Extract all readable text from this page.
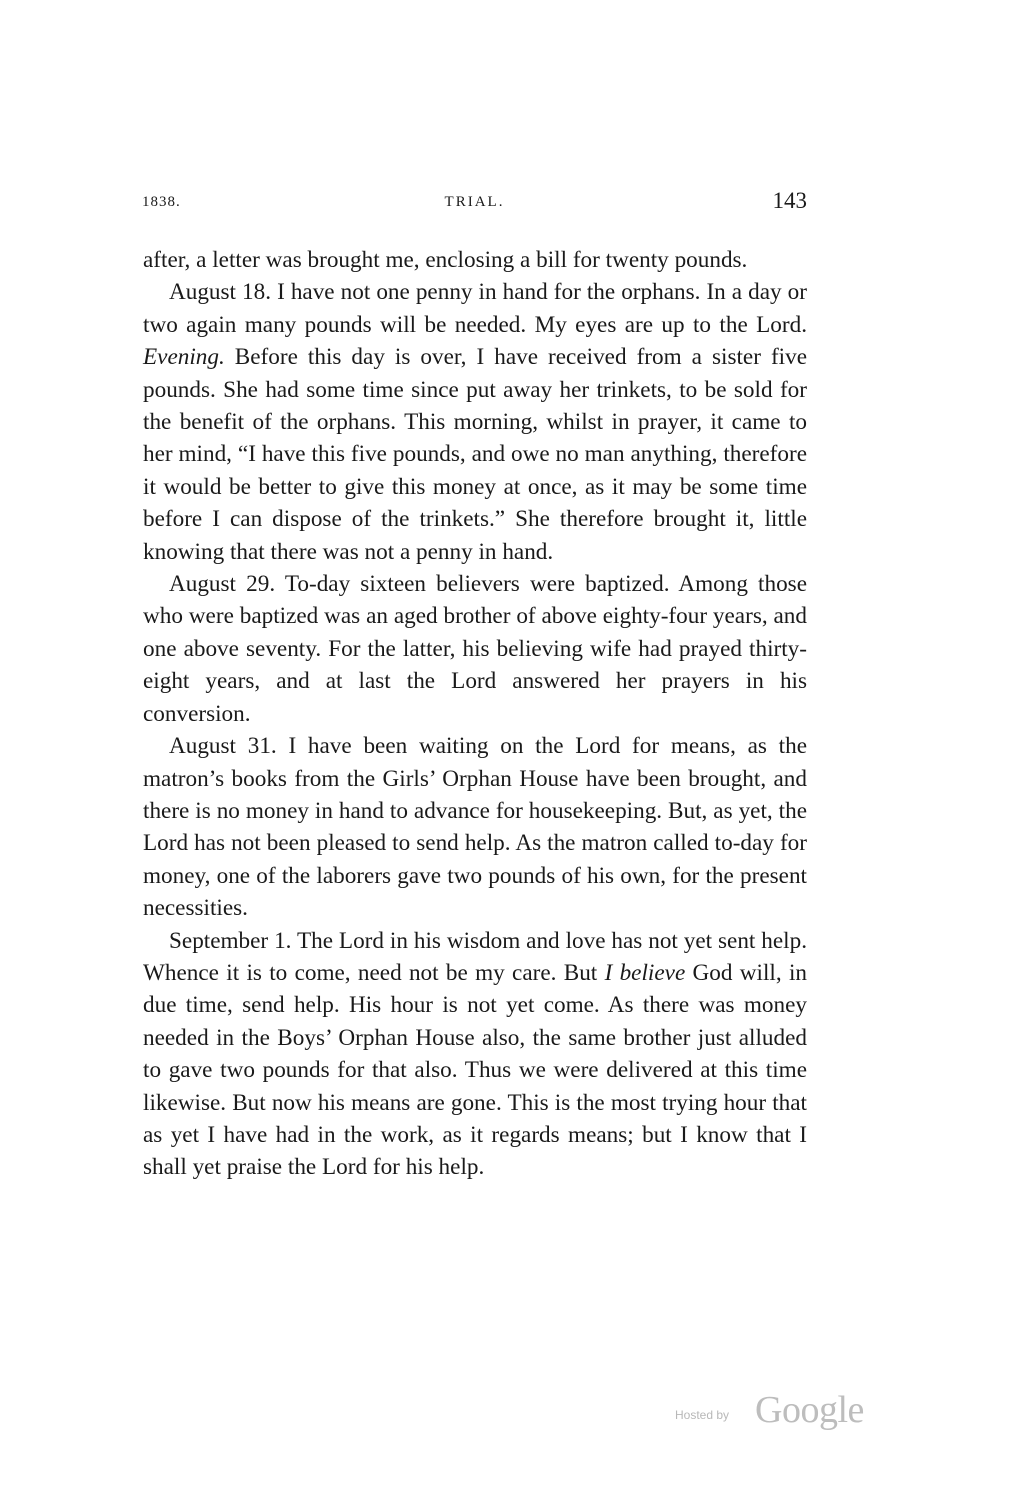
1838.	TRIAL.	143

after, a letter was brought me, enclosing a bill for twenty pounds.

August 18. I have not one penny in hand for the orphans. In a day or two again many pounds will be needed. My eyes are up to the Lord. Evening. Before this day is over, I have received from a sister five pounds. She had some time since put away her trinkets, to be sold for the benefit of the orphans. This morning, whilst in prayer, it came to her mind, “I have this five pounds, and owe no man anything, therefore it would be better to give this money at once, as it may be some time before I can dispose of the trinkets.” She therefore brought it, little knowing that there was not a penny in hand.

August 29. To-day sixteen believers were baptized. Among those who were baptized was an aged brother of above eighty-four years, and one above seventy. For the latter, his believing wife had prayed thirty-eight years, and at last the Lord answered her prayers in his conversion.

August 31. I have been waiting on the Lord for means, as the matron’s books from the Girls’ Orphan House have been brought, and there is no money in hand to advance for housekeeping. But, as yet, the Lord has not been pleased to send help. As the matron called to-day for money, one of the laborers gave two pounds of his own, for the present necessities.

September 1. The Lord in his wisdom and love has not yet sent help. Whence it is to come, need not be my care. But I believe God will, in due time, send help. His hour is not yet come. As there was money needed in the Boys’ Orphan House also, the same brother just alluded to gave two pounds for that also. Thus we were delivered at this time likewise. But now his means are gone. This is the most trying hour that as yet I have had in the work, as it regards means; but I know that I shall yet praise the Lord for his help.

Hosted by Google
